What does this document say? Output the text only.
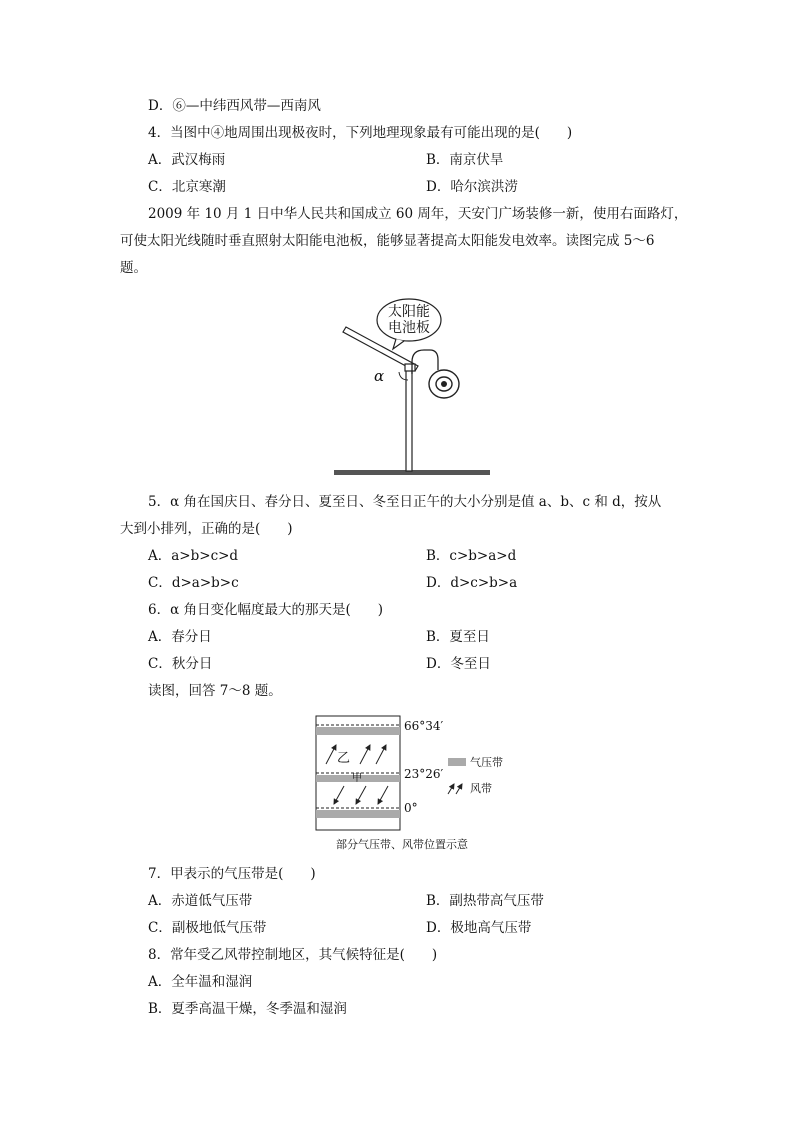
D．⑥—中纬西风带—西南风
4．当图中④地周围出现极夜时，下列地理现象最有可能出现的是(　　)
A．武汉梅雨	B．南京伏旱
C．北京寒潮	D．哈尔滨洪涝
2009 年 10 月 1 日中华人民共和国成立 60 周年，天安门广场装修一新，使用右面路灯，
可使太阳光线随时垂直照射太阳能电池板，能够显著提高太阳能发电效率。读图完成 5～6
题。
α
太阳能
电池板
5．α 角在国庆日、春分日、夏至日、冬至日正午的大小分别是值 a、b、c 和 d，按从
大到小排列，正确的是(　　)
A．a>b>c>d	B．c>b>a>d
C．d>a>b>c	D．d>c>b>a
6．α 角日变化幅度最大的那天是(　　)
A．春分日	B．夏至日
C．秋分日	D．冬至日
读图，回答 7～8 题。
乙
甲
66°34′
23°26′
0°
气压带
风带
部分气压带、风带位置示意
7．甲表示的气压带是(　　)
A．赤道低气压带	B．副热带高气压带
C．副极地低气压带	D．极地高气压带
8．常年受乙风带控制地区，其气候特征是(　　)
A．全年温和湿润
B．夏季高温干燥，冬季温和湿润
